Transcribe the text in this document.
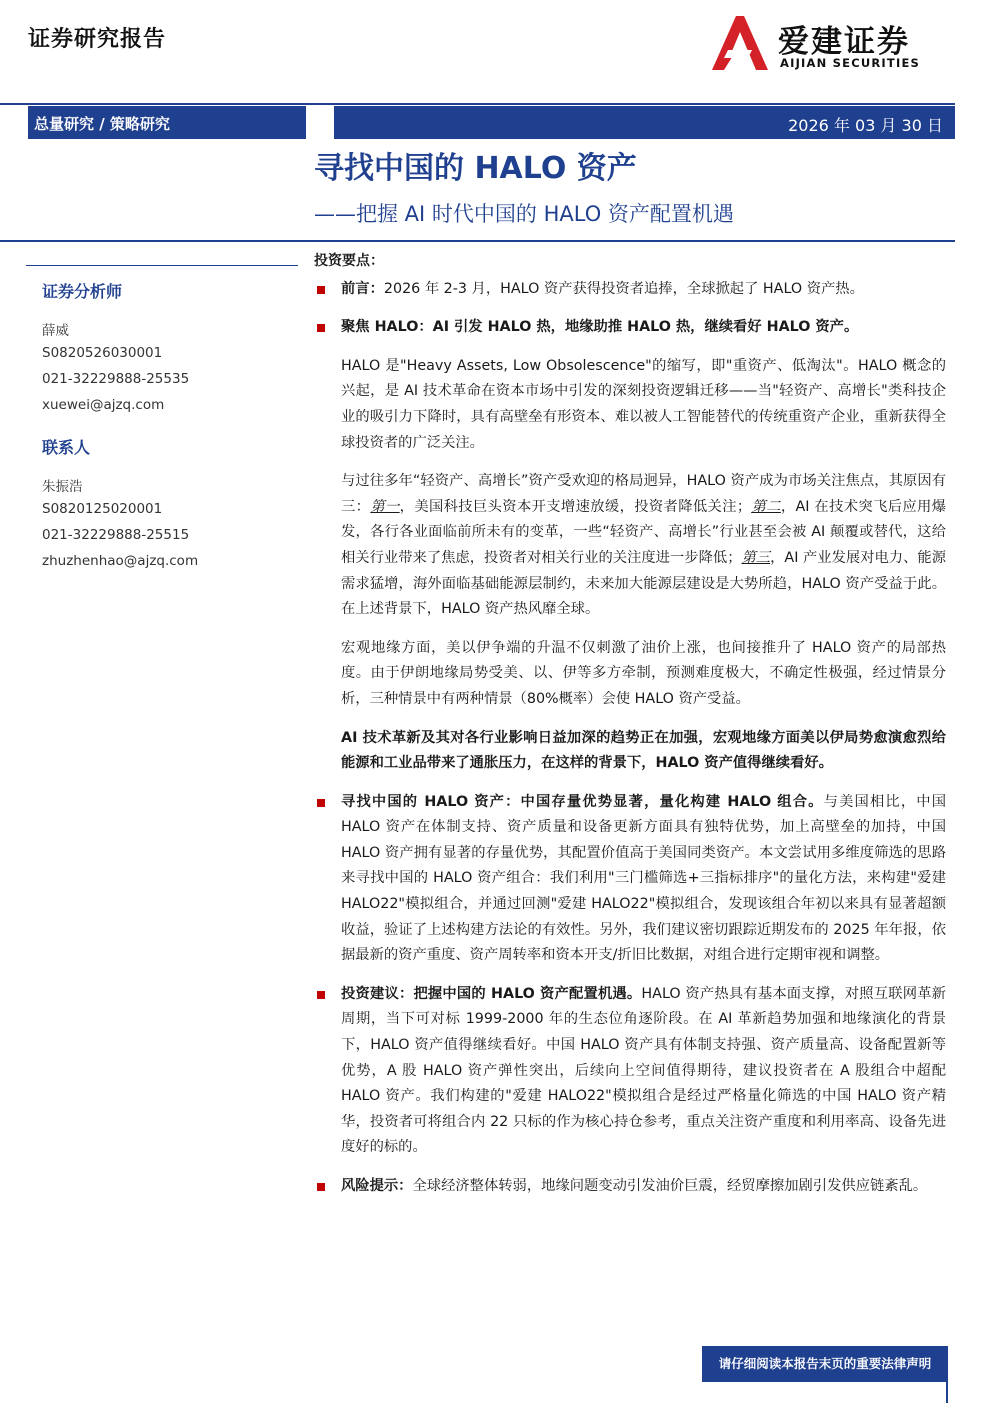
证券研究报告	爱建证券
AIJIAN SECURITIES
总量研究 / 策略研究	2026 年 03 月 30 日
寻找中国的 HALO 资产
——把握 AI 时代中国的 HALO 资产配置机遇
证券分析师
薛威
S0820526030001
021-32229888-25535
xuewei@ajzq.com
联系人
朱振浩
S0820125020001
021-32229888-25515
zhuzhenhao@ajzq.com

投资要点：

前言：2026 年 2-3 月，HALO 资产获得投资者追捧，全球掀起了 HALO 资产热。

聚焦 HALO：AI 引发 HALO 热，地缘助推 HALO 热，继续看好 HALO 资产。

HALO 是"Heavy Assets, Low Obsolescence"的缩写，即"重资产、低淘汰"。HALO 概念的兴起，是 AI 技术革命在资本市场中引发的深刻投资逻辑迁移——当"轻资产、高增长"类科技企业的吸引力下降时，具有高壁垒有形资本、难以被人工智能替代的传统重资产企业，重新获得全球投资者的广泛关注。

与过往多年“轻资产、高增长”资产受欢迎的格局迥异，HALO 资产成为市场关注焦点，其原因有三：第一，美国科技巨头资本开支增速放缓，投资者降低关注；第二，AI 在技术突飞后应用爆发，各行各业面临前所未有的变革，一些“轻资产、高增长”行业甚至会被 AI 颠覆或替代，这给相关行业带来了焦虑，投资者对相关行业的关注度进一步降低；第三，AI 产业发展对电力、能源需求猛增，海外面临基础能源层制约，未来加大能源层建设是大势所趋，HALO 资产受益于此。在上述背景下，HALO 资产热风靡全球。

宏观地缘方面，美以伊争端的升温不仅刺激了油价上涨，也间接推升了 HALO 资产的局部热度。由于伊朗地缘局势受美、以、伊等多方牵制，预测难度极大，不确定性极强，经过情景分析，三种情景中有两种情景（80%概率）会使 HALO 资产受益。

AI 技术革新及其对各行业影响日益加深的趋势正在加强，宏观地缘方面美以伊局势愈演愈烈给能源和工业品带来了通胀压力，在这样的背景下，HALO 资产值得继续看好。

寻找中国的 HALO 资产：中国存量优势显著，量化构建 HALO 组合。与美国相比，中国 HALO 资产在体制支持、资产质量和设备更新方面具有独特优势，加上高壁垒的加持，中国 HALO 资产拥有显著的存量优势，其配置价值高于美国同类资产。本文尝试用多维度筛选的思路来寻找中国的 HALO 资产组合：我们利用"三门槛筛选+三指标排序"的量化方法，来构建"爱建 HALO22"模拟组合，并通过回测"爱建 HALO22"模拟组合，发现该组合年初以来具有显著超额收益，验证了上述构建方法论的有效性。另外，我们建议密切跟踪近期发布的 2025 年年报，依据最新的资产重度、资产周转率和资本开支/折旧比数据，对组合进行定期审视和调整。

投资建议：把握中国的 HALO 资产配置机遇。HALO 资产热具有基本面支撑，对照互联网革新周期，当下可对标 1999-2000 年的生态位角逐阶段。在 AI 革新趋势加强和地缘演化的背景下，HALO 资产值得继续看好。中国 HALO 资产具有体制支持强、资产质量高、设备配置新等优势，A 股 HALO 资产弹性突出，后续向上空间值得期待，建议投资者在 A 股组合中超配 HALO 资产。我们构建的"爱建 HALO22"模拟组合是经过严格量化筛选的中国 HALO 资产精华，投资者可将组合内 22 只标的作为核心持仓参考，重点关注资产重度和利用率高、设备先进度好的标的。

风险提示：全球经济整体转弱，地缘问题变动引发油价巨震，经贸摩擦加剧引发供应链紊乱。

请仔细阅读本报告末页的重要法律声明
